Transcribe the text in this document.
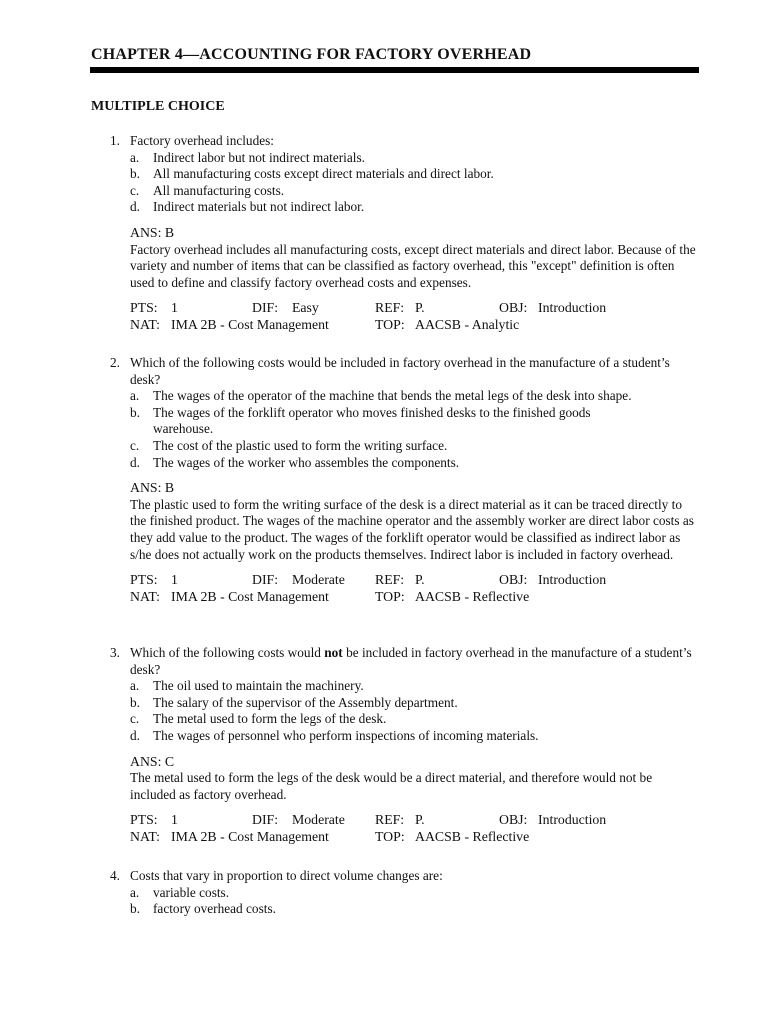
CHAPTER 4—ACCOUNTING FOR FACTORY OVERHEAD
MULTIPLE CHOICE
1. Factory overhead includes:
a. Indirect labor but not indirect materials.
b. All manufacturing costs except direct materials and direct labor.
c. All manufacturing costs.
d. Indirect materials but not indirect labor.
ANS: B
Factory overhead includes all manufacturing costs, except direct materials and direct labor. Because of the variety and number of items that can be classified as factory overhead, this "except" definition is often used to define and classify factory overhead costs and expenses.
PTS: 1	DIF: Easy	REF: P.	OBJ: Introduction
NAT: IMA 2B - Cost Management	TOP: AACSB - Analytic
2. Which of the following costs would be included in factory overhead in the manufacture of a student’s desk?
a. The wages of the operator of the machine that bends the metal legs of the desk into shape.
b. The wages of the forklift operator who moves finished desks to the finished goods warehouse.
c. The cost of the plastic used to form the writing surface.
d. The wages of the worker who assembles the components.
ANS: B
The plastic used to form the writing surface of the desk is a direct material as it can be traced directly to the finished product. The wages of the machine operator and the assembly worker are direct labor costs as they add value to the product. The wages of the forklift operator would be classified as indirect labor as s/he does not actually work on the products themselves. Indirect labor is included in factory overhead.
PTS: 1	DIF: Moderate REF: P.	OBJ: Introduction
NAT: IMA 2B - Cost Management	TOP: AACSB - Reflective
3. Which of the following costs would not be included in factory overhead in the manufacture of a student’s desk?
a. The oil used to maintain the machinery.
b. The salary of the supervisor of the Assembly department.
c. The metal used to form the legs of the desk.
d. The wages of personnel who perform inspections of incoming materials.
ANS: C
The metal used to form the legs of the desk would be a direct material, and therefore would not be included as factory overhead.
PTS: 1	DIF: Moderate REF: P.	OBJ: Introduction
NAT: IMA 2B - Cost Management	TOP: AACSB - Reflective
4. Costs that vary in proportion to direct volume changes are:
a. variable costs.
b. factory overhead costs.
